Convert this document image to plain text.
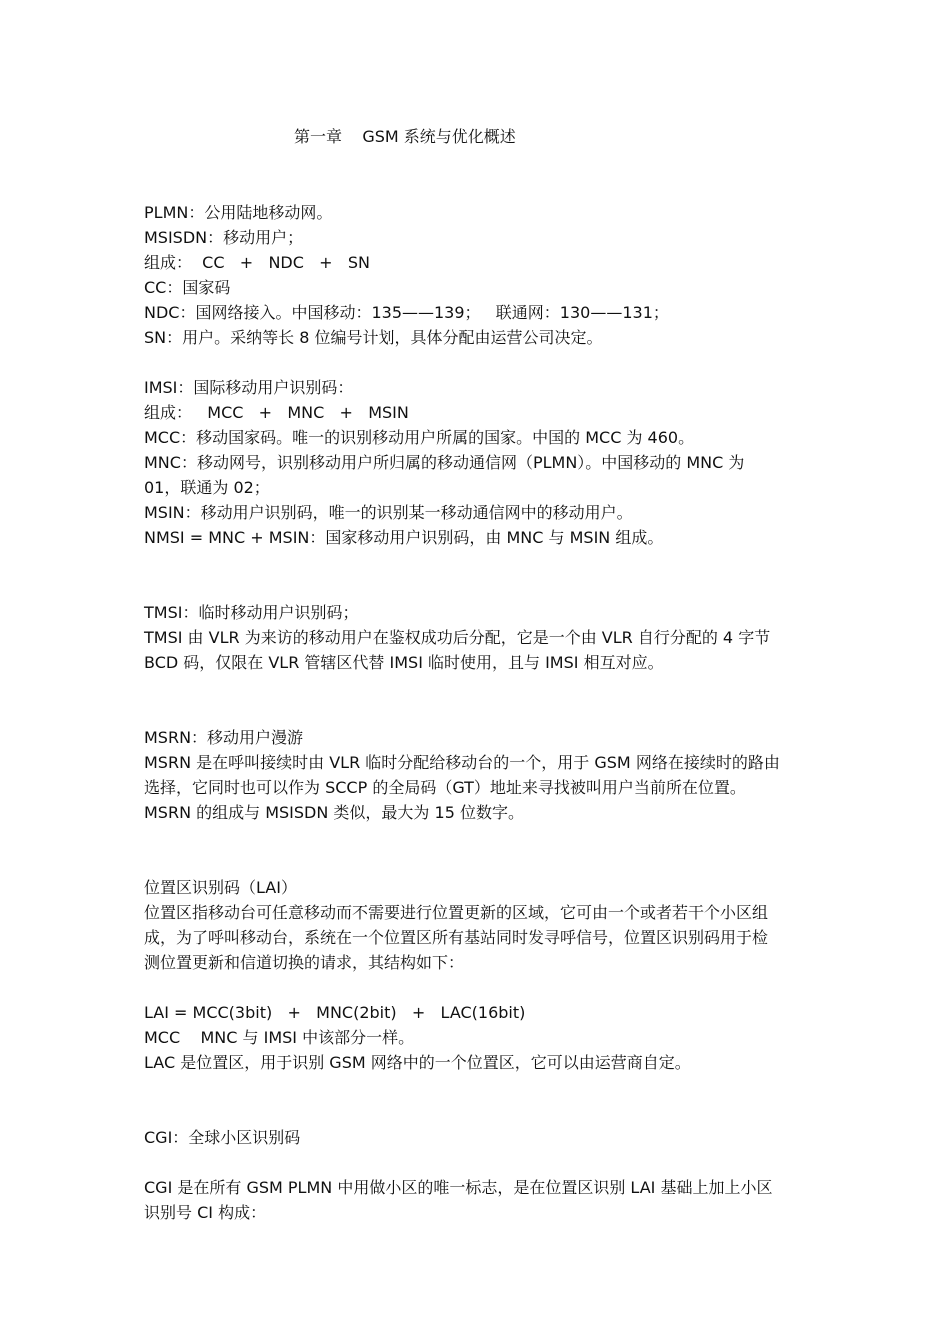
第一章    GSM 系统与优化概述
PLMN：公用陆地移动网。
MSISDN：移动用户；
组成：  CC   +   NDC   +   SN
CC：国家码
NDC：国网络接入。中国移动：135——139；   联通网：130——131；
SN：用户。采纳等长 8 位编号计划，具体分配由运营公司决定。
IMSI：国际移动用户识别码：
组成：   MCC   +   MNC   +   MSIN
MCC：移动国家码。唯一的识别移动用户所属的国家。中国的 MCC 为 460。
MNC：移动网号，识别移动用户所归属的移动通信网（PLMN）。中国移动的 MNC 为
01，联通为 02；
MSIN：移动用户识别码，唯一的识别某一移动通信网中的移动用户。
NMSI = MNC + MSIN：国家移动用户识别码，由 MNC 与 MSIN 组成。
TMSI：临时移动用户识别码；
TMSI 由 VLR 为来访的移动用户在鉴权成功后分配，它是一个由 VLR 自行分配的 4 字节
BCD 码，仅限在 VLR 管辖区代替 IMSI 临时使用，且与 IMSI 相互对应。
MSRN：移动用户漫游
MSRN 是在呼叫接续时由 VLR 临时分配给移动台的一个，用于 GSM 网络在接续时的路由
选择，它同时也可以作为 SCCP 的全局码（GT）地址来寻找被叫用户当前所在位置。
MSRN 的组成与 MSISDN 类似，最大为 15 位数字。
位置区识别码（LAI）
位置区指移动台可任意移动而不需要进行位置更新的区域，它可由一个或者若干个小区组
成，为了呼叫移动台，系统在一个位置区所有基站同时发寻呼信号，位置区识别码用于检
测位置更新和信道切换的请求，其结构如下：
LAI = MCC(3bit)   +   MNC(2bit)   +   LAC(16bit)
MCC    MNC 与 IMSI 中该部分一样。
LAC 是位置区，用于识别 GSM 网络中的一个位置区，它可以由运营商自定。
CGI：全球小区识别码
CGI 是在所有 GSM PLMN 中用做小区的唯一标志，是在位置区识别 LAI 基础上加上小区
识别号 CI 构成：
